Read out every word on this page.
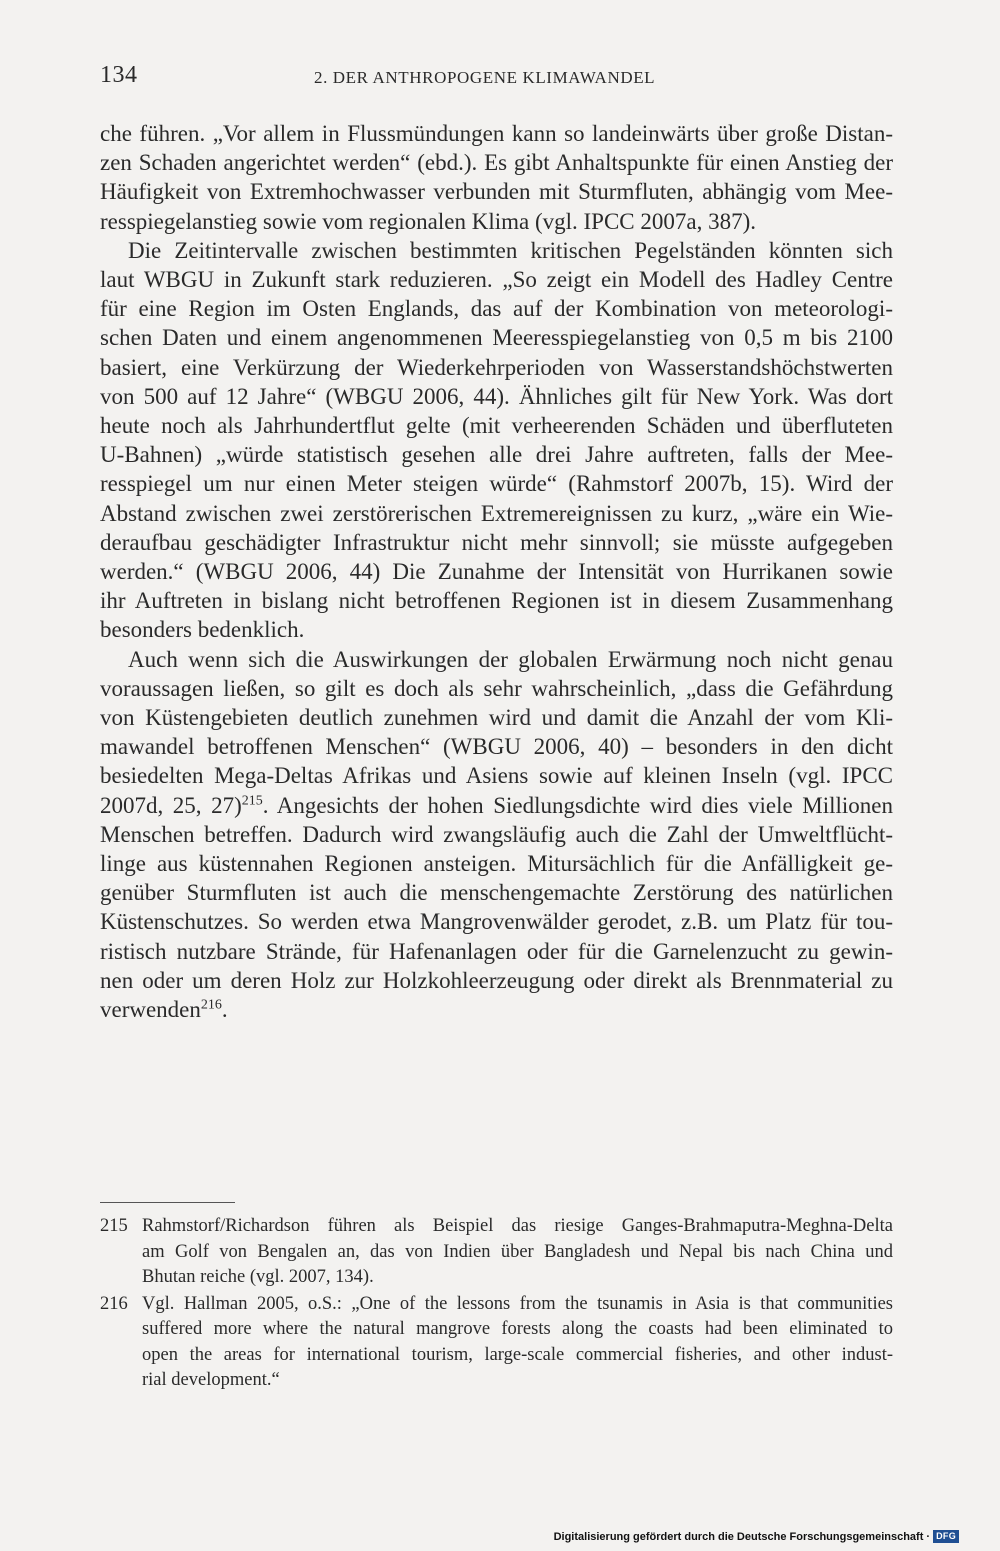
134	2. DER ANTHROPOGENE KLIMAWANDEL

che führen. „Vor allem in Flussmündungen kann so landeinwärts über große Distan-
zen Schaden angerichtet werden“ (ebd.). Es gibt Anhaltspunkte für einen Anstieg der
Häufigkeit von Extremhochwasser verbunden mit Sturmfluten, abhängig vom Mee-
resspiegelanstieg sowie vom regionalen Klima (vgl. IPCC 2007a, 387).

Die Zeitintervalle zwischen bestimmten kritischen Pegelständen könnten sich
laut WBGU in Zukunft stark reduzieren. „So zeigt ein Modell des Hadley Centre
für eine Region im Osten Englands, das auf der Kombination von meteorologi-
schen Daten und einem angenommenen Meeresspiegelanstieg von 0,5 m bis 2100
basiert, eine Verkürzung der Wiederkehrperioden von Wasserstandshöchstwerten
von 500 auf 12 Jahre“ (WBGU 2006, 44). Ähnliches gilt für New York. Was dort
heute noch als Jahrhundertflut gelte (mit verheerenden Schäden und überfluteten
U-Bahnen) „würde statistisch gesehen alle drei Jahre auftreten, falls der Mee-
resspiegel um nur einen Meter steigen würde“ (Rahmstorf 2007b, 15). Wird der
Abstand zwischen zwei zerstörerischen Extremereignissen zu kurz, „wäre ein Wie-
deraufbau geschädigter Infrastruktur nicht mehr sinnvoll; sie müsste aufgegeben
werden.“ (WBGU 2006, 44) Die Zunahme der Intensität von Hurrikanen sowie
ihr Auftreten in bislang nicht betroffenen Regionen ist in diesem Zusammenhang
besonders bedenklich.

Auch wenn sich die Auswirkungen der globalen Erwärmung noch nicht genau
voraussagen ließen, so gilt es doch als sehr wahrscheinlich, „dass die Gefährdung
von Küstengebieten deutlich zunehmen wird und damit die Anzahl der vom Kli-
mawandel betroffenen Menschen“ (WBGU 2006, 40) – besonders in den dicht
besiedelten Mega-Deltas Afrikas und Asiens sowie auf kleinen Inseln (vgl. IPCC
2007d, 25, 27)$^{215}$. Angesichts der hohen Siedlungsdichte wird dies viele Millionen
Menschen betreffen. Dadurch wird zwangsläufig auch die Zahl der Umweltflücht-
linge aus küstennahen Regionen ansteigen. Mitursächlich für die Anfälligkeit ge-
genüber Sturmfluten ist auch die menschengemachte Zerstörung des natürlichen
Küstenschutzes. So werden etwa Mangrovenwälder gerodet, z.B. um Platz für tou-
ristisch nutzbare Strände, für Hafenanlagen oder für die Garnelenzucht zu gewin-
nen oder um deren Holz zur Holzkohleerzeugung oder direkt als Brennmaterial zu
verwenden$^{216}$.

215 Rahmstorf/Richardson führen als Beispiel das riesige Ganges-Brahmaputra-Meghna-Delta
am Golf von Bengalen an, das von Indien über Bangladesh und Nepal bis nach China und
Bhutan reiche (vgl. 2007, 134).
216 Vgl. Hallman 2005, o.S.: „One of the lessons from the tsunamis in Asia is that communities
suffered more where the natural mangrove forests along the coasts had been eliminated to
open the areas for international tourism, large-scale commercial fisheries, and other indust-
rial development.“
Digitalisierung gefördert durch die Deutsche Forschungsgemeinschaft · DFG
